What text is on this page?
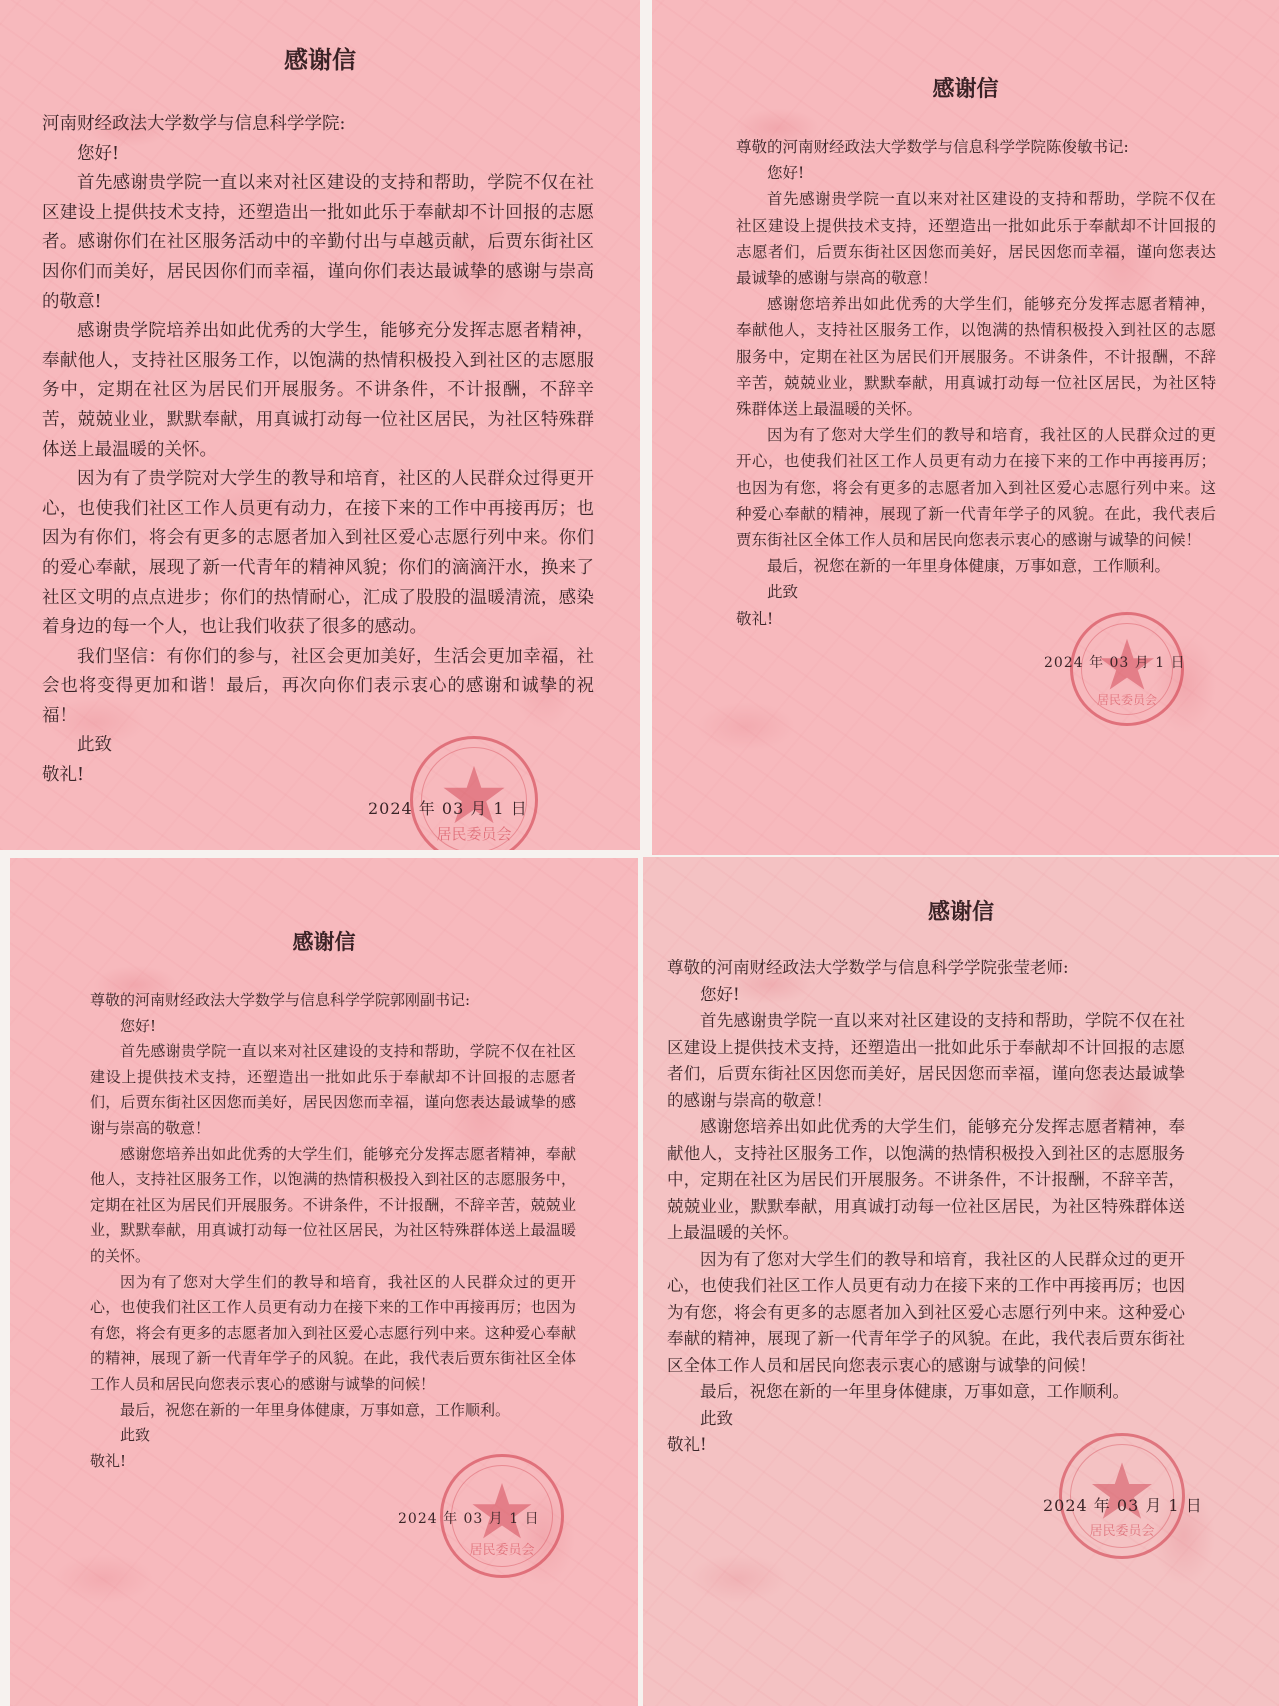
感谢信

河南财经政法大学数学与信息科学学院:

您好!

首先感谢贵学院一直以来对社区建设的支持和帮助，学院不仅在社区建设上提供技术支持，还塑造出一批如此乐于奉献却不计回报的志愿者。感谢你们在社区服务活动中的辛勤付出与卓越贡献，后贾东街社区因你们而美好，居民因你们而幸福，谨向你们表达最诚挚的感谢与崇高的敬意!

感谢贵学院培养出如此优秀的大学生，能够充分发挥志愿者精神，奉献他人，支持社区服务工作，以饱满的热情积极投入到社区的志愿服务中，定期在社区为居民们开展服务。不讲条件，不计报酬，不辞辛苦，兢兢业业，默默奉献，用真诚打动每一位社区居民，为社区特殊群体送上最温暖的关怀。

因为有了贵学院对大学生的教导和培育，社区的人民群众过得更开心，也使我们社区工作人员更有动力，在接下来的工作中再接再厉；也因为有你们，将会有更多的志愿者加入到社区爱心志愿行列中来。你们的爱心奉献，展现了新一代青年的精神风貌；你们的滴滴汗水，换来了社区文明的点点进步；你们的热情耐心，汇成了股股的温暖清流，感染着身边的每一个人，也让我们收获了很多的感动。

我们坚信：有你们的参与，社区会更加美好，生活会更加幸福，社会也将变得更加和谐！最后，再次向你们表示衷心的感谢和诚挚的祝福！

此致

敬礼!

居民委员会

2024 年 03 月 1 日

感谢信

尊敬的河南财经政法大学数学与信息科学学院陈俊敏书记:

您好!

首先感谢贵学院一直以来对社区建设的支持和帮助，学院不仅在社区建设上提供技术支持，还塑造出一批如此乐于奉献却不计回报的志愿者们，后贾东街社区因您而美好，居民因您而幸福，谨向您表达最诚挚的感谢与崇高的敬意！

感谢您培养出如此优秀的大学生们，能够充分发挥志愿者精神，奉献他人，支持社区服务工作，以饱满的热情积极投入到社区的志愿服务中，定期在社区为居民们开展服务。不讲条件，不计报酬，不辞辛苦，兢兢业业，默默奉献，用真诚打动每一位社区居民，为社区特殊群体送上最温暖的关怀。

因为有了您对大学生们的教导和培育，我社区的人民群众过的更开心，也使我们社区工作人员更有动力在接下来的工作中再接再厉；也因为有您，将会有更多的志愿者加入到社区爱心志愿行列中来。这种爱心奉献的精神，展现了新一代青年学子的风貌。在此，我代表后贾东街社区全体工作人员和居民向您表示衷心的感谢与诚挚的问候！

最后，祝您在新的一年里身体健康，万事如意，工作顺利。

此致

敬礼!

居民委员会

2024 年 03 月 1 日

感谢信

尊敬的河南财经政法大学数学与信息科学学院郭刚副书记:

您好!

首先感谢贵学院一直以来对社区建设的支持和帮助，学院不仅在社区建设上提供技术支持，还塑造出一批如此乐于奉献却不计回报的志愿者们，后贾东街社区因您而美好，居民因您而幸福，谨向您表达最诚挚的感谢与崇高的敬意！

感谢您培养出如此优秀的大学生们，能够充分发挥志愿者精神，奉献他人，支持社区服务工作，以饱满的热情积极投入到社区的志愿服务中，定期在社区为居民们开展服务。不讲条件，不计报酬，不辞辛苦，兢兢业业，默默奉献，用真诚打动每一位社区居民，为社区特殊群体送上最温暖的关怀。

因为有了您对大学生们的教导和培育，我社区的人民群众过的更开心，也使我们社区工作人员更有动力在接下来的工作中再接再厉；也因为有您，将会有更多的志愿者加入到社区爱心志愿行列中来。这种爱心奉献的精神，展现了新一代青年学子的风貌。在此，我代表后贾东街社区全体工作人员和居民向您表示衷心的感谢与诚挚的问候！

最后，祝您在新的一年里身体健康，万事如意，工作顺利。

此致

敬礼!

居民委员会

2024 年 03 月 1 日

感谢信

尊敬的河南财经政法大学数学与信息科学学院张莹老师:

您好!

首先感谢贵学院一直以来对社区建设的支持和帮助，学院不仅在社区建设上提供技术支持，还塑造出一批如此乐于奉献却不计回报的志愿者们，后贾东街社区因您而美好，居民因您而幸福，谨向您表达最诚挚的感谢与崇高的敬意！

感谢您培养出如此优秀的大学生们，能够充分发挥志愿者精神，奉献他人，支持社区服务工作，以饱满的热情积极投入到社区的志愿服务中，定期在社区为居民们开展服务。不讲条件，不计报酬，不辞辛苦，兢兢业业，默默奉献，用真诚打动每一位社区居民，为社区特殊群体送上最温暖的关怀。

因为有了您对大学生们的教导和培育，我社区的人民群众过的更开心，也使我们社区工作人员更有动力在接下来的工作中再接再厉；也因为有您，将会有更多的志愿者加入到社区爱心志愿行列中来。这种爱心奉献的精神，展现了新一代青年学子的风貌。在此，我代表后贾东街社区全体工作人员和居民向您表示衷心的感谢与诚挚的问候！

最后，祝您在新的一年里身体健康，万事如意，工作顺利。

此致

敬礼!

居民委员会

2024 年 03 月 1 日
